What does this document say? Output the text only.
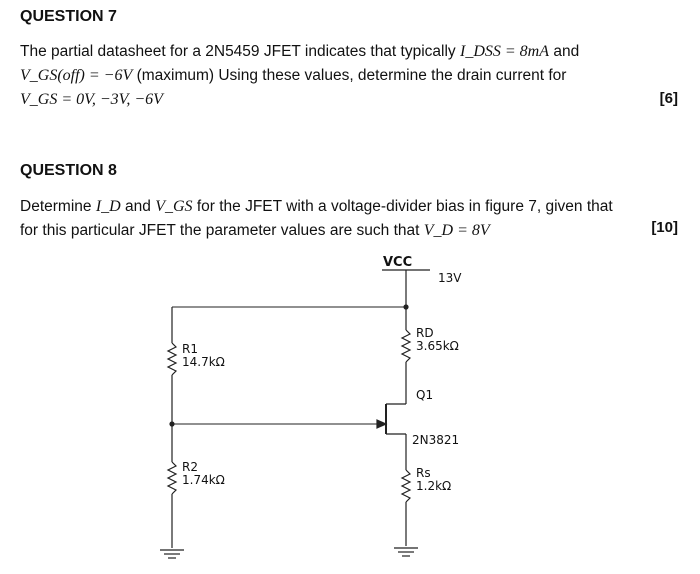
QUESTION 7
The partial datasheet for a 2N5459 JFET indicates that typically I_DSS = 8mA and
V_GS(off) = −6V (maximum) Using these values, determine the drain current for
V_GS = 0V, −3V, −6V	[6]
QUESTION 8
Determine I_D and V_GS for the JFET with a voltage-divider bias in figure 7, given that
for this particular JFET the parameter values are such that V_D = 8V	[10]
VCC
13V
R1
14.7kΩ
R2
1.74kΩ
RD
3.65kΩ
Q1
2N3821
Rs
1.2kΩ
